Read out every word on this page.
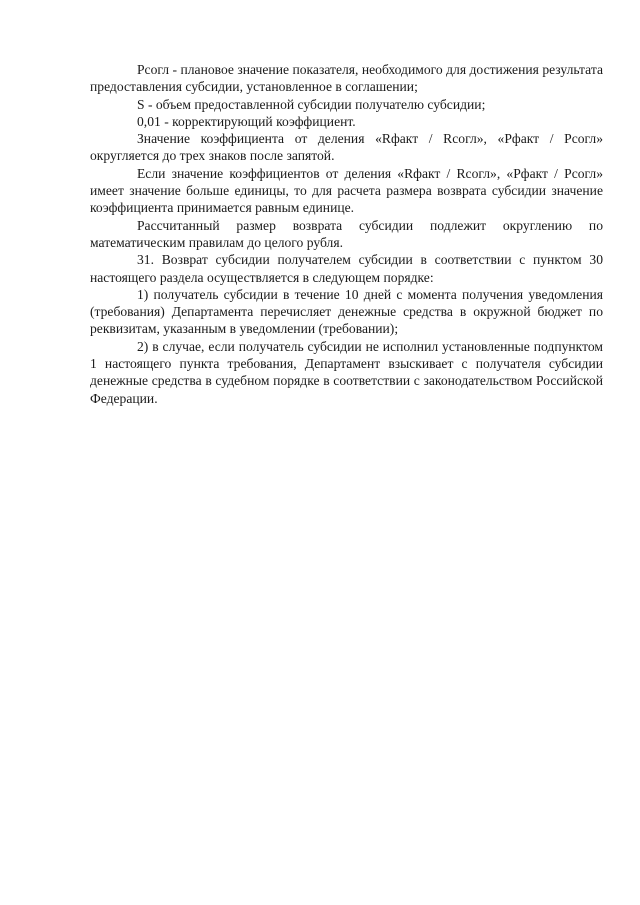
Рсогл - плановое значение показателя, необходимого для достижения результата предоставления субсидии, установленное в соглашении;

S - объем предоставленной субсидии получателю субсидии;

0,01 - корректирующий коэффициент.

Значение коэффициента от деления «Rфакт / Rсогл», «Рфакт / Рсогл» округляется до трех знаков после запятой.

Если значение коэффициентов от деления «Rфакт / Rсогл», «Рфакт / Рсогл» имеет значение больше единицы, то для расчета размера возврата субсидии значение коэффициента принимается равным единице.

Рассчитанный размер возврата субсидии подлежит округлению по математическим правилам до целого рубля.

31. Возврат субсидии получателем субсидии в соответствии с пунктом 30 настоящего раздела осуществляется в следующем порядке:

1) получатель субсидии в течение 10 дней с момента получения уведомления (требования) Департамента перечисляет денежные средства в окружной бюджет по реквизитам, указанным в уведомлении (требовании);

2) в случае, если получатель субсидии не исполнил установленные подпунктом 1 настоящего пункта требования, Департамент взыскивает с получателя субсидии денежные средства в судебном порядке в соответствии с законодательством Российской Федерации.
